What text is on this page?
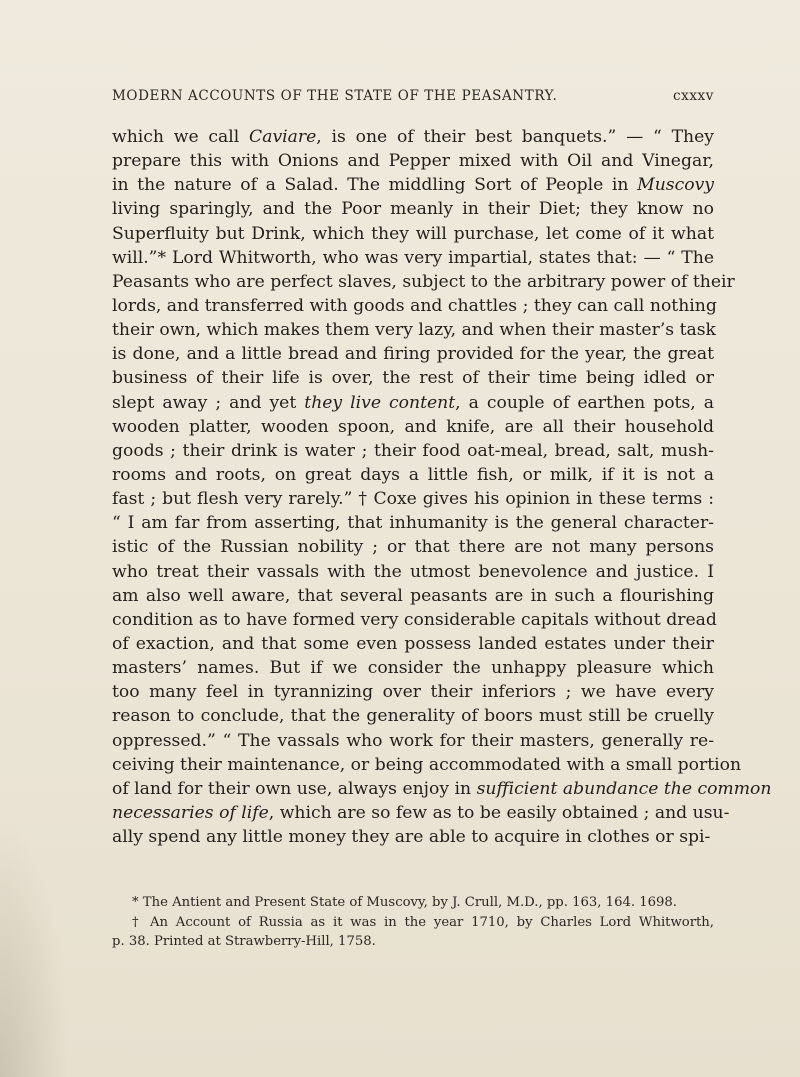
MODERN ACCOUNTS OF THE STATE OF THE PEASANTRY.	cxxxv
which we call Caviare, is one of their best banquets.” — “ They
prepare this with Onions and Pepper mixed with Oil and Vinegar,
in the nature of a Salad. The middling Sort of People in Muscovy
living sparingly, and the Poor meanly in their Diet; they know no
Superfluity but Drink, which they will purchase, let come of it what
will.”* Lord Whitworth, who was very impartial, states that: — “ The
Peasants who are perfect slaves, subject to the arbitrary power of their
lords, and transferred with goods and chattles ; they can call nothing
their own, which makes them very lazy, and when their master’s task
is done, and a little bread and firing provided for the year, the great
business of their life is over, the rest of their time being idled or
slept away ; and yet they live content, a couple of earthen pots, a
wooden platter, wooden spoon, and knife, are all their household
goods ; their drink is water ; their food oat-meal, bread, salt, mush-
rooms and roots, on great days a little fish, or milk, if it is not a
fast ; but flesh very rarely.” † Coxe gives his opinion in these terms :
“ I am far from asserting, that inhumanity is the general character-
istic of the Russian nobility ; or that there are not many persons
who treat their vassals with the utmost benevolence and justice. I
am also well aware, that several peasants are in such a flourishing
condition as to have formed very considerable capitals without dread
of exaction, and that some even possess landed estates under their
masters’ names. But if we consider the unhappy pleasure which
too many feel in tyrannizing over their inferiors ; we have every
reason to conclude, that the generality of boors must still be cruelly
oppressed.” “ The vassals who work for their masters, generally re-
ceiving their maintenance, or being accommodated with a small portion
of land for their own use, always enjoy in sufficient abundance the common
necessaries of life, which are so few as to be easily obtained ; and usu-
ally spend any little money they are able to acquire in clothes or spi-
* The Antient and Present State of Muscovy, by J. Crull, M.D., pp. 163, 164. 1698.
† An Account of Russia as it was in the year 1710, by Charles Lord Whitworth,
p. 38. Printed at Strawberry-Hill, 1758.
